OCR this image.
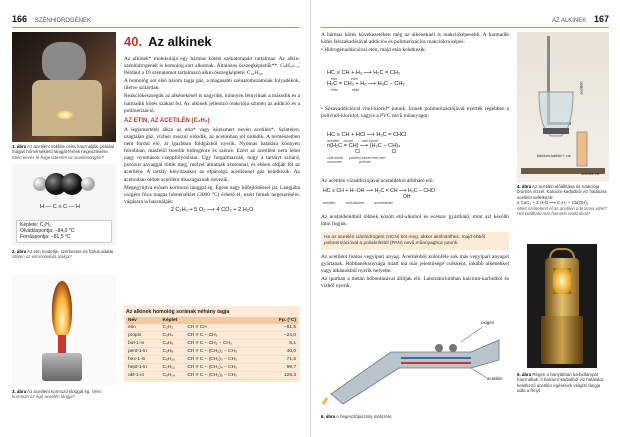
166 SZÉNHIDROGÉNEK
1. ábra Az acetilént sokféle célra használják, például magas hőmérsékletű lángját fémek hegesztésére. Miért kevés fé hegesztésére az acetilénöngén?
H — C ≡ C — H
Képlete: C₂H₂
Olvadáspontja: −84,0 °C
Forráspontja: −81,5 °C
2. ábra Az etin modellje, szerkezete és fizikai adatai. Milyen az etinmolekula alakja?
3. ábra Az acetilént kormozó lánggal ég. Miért kormozó az égő acetilén lángja?
40. Az alkinek

Az alkinek* molekulája egy hármas kötést szénatompárt tartalmaz. Az alkin-szénhidrogének is homológ sort alkotnak. Általános összegképletük**: CₙH₂ₙ₋₂. Például a 10 szénatomot tartalmazó alkin összegképlete: C₁₀H₁₈.

A homológ sor első három tagja gáz, a magasabb szénatomszámúak folyadékok, illetve szilárdak.

Reakciókészségük az alkénekénél is nagyobb, könnyen felnyílnak a második és a harmadik kötés szakad fel. Az alkinek jellemző reakciója szintén az addíció és a polimerizáció.

AZ ETIN, AZ ACETILÉN (C₂H₂)

A legismertebb alkin az etin* vagy közismert nevén acetilén*. Színtelen, szagtalan gáz, vízben rosszul oldódik, az acetonban jól oldódik. A természetben nem fordul elő, ár igazbban földgázból nyerik. Nyomás hatására könnyen felrobban, másfelől bomlik hidrogénre és szénre. Ezért az acetilént nem lehet nagy nyomáson cseppfolyósítani. Úgy forgalmazzák, hogy a tartályt szilárd, porózus anyaggal töltik meg, melyet átitatnak acetonnal, és ebben oldják fel az acetilént. A tartály kinyitásakor az elpárolgó acetilénnel gáz keletkezik. Az acetonban oldott acetilént disszugáznak nevezik.

Megegyújtva erősen kormozó lánggal ég. Égése nagy hőfejlődéssel jár. Lángjába oxigént fúva magas hőmérséklet (3000 °C) érhető el, ezért fémek hegesztésére, vágására is használják:

2 C₂H₂ + 5 O₂ ⟶ 4 CO₂ + 2 H₂O
Az alkinek homológ sorának néhány tagja
Név	Képlet		Fp. (°C)
etin	C₂H₂	CH ≡ CH	−81,5
propin	C₃H₄	CH ≡ C − CH₃	−24,0
but-1-in	C₄H₆	CH ≡ C − CH₂ − CH₃	8,1
pent-1-in	C₅H₈	CH ≡ C − (CH₂)₂ − CH₃	40,0
hex-1-in	C₆H₁₀	CH ≡ C − (CH₂)₃ − CH₃	71,5
hept-1-in	C₇H₁₂	CH ≡ C − (CH₂)₄ − CH₃	99,7
okt-1-in	C₈H₁₄	CH ≡ C − (CH₂)₅ − CH₃	126,3
AZ ALKINEK 167

A hármas kötés kövekezetében még az alkéneknél is reakcióképesebb. A harmadik kötés felszakadásával addíciós és polimerizációs reakciókra képes.

• Hidrogénaddícióval etén, majd etán keletkezik:

HC ≡ CH + H₂ ⟶ H₂C = CH₂
etin              etén
H₂C = CH₂ + H₂ ⟶ H₃C − CH₃
etén              etán

• Sósavaddícióval vinil-klorid* jutunk. Ennek polimerizációjával nyerték régebben a polivinil-kloridot, vagyis a PVC nevű műanyagot:

HC ≡ CH + HCl ⟶ H₂C = CHCl
acetilén    sósav         vinil-klorid
n(H₂C = CH) ⟶ (H₂C − CH)ₙ
Cl                       Cl
vinil-klorid      polivinil-klorid rész lete
monomer                 polimer

Az acetilén vízaddíciójával acetaldehid állítható elő:

HC ≡ CH + H−OH ⟶ H₂C = CH ⟶ H₃C − CHO
OH
acetilén          vinil-alkohol          acetaldehid

Az acetaldehidből többek között etil-alkohol és ecetsav gyártható, mint azt később látni fogjuk.

Ha az acetilén ciánhidrogént (HCN) köt meg, akkor akrilnitrilhez, majd ebből polimerizációval a poliakrilnitril (PAN) nevű műanyaghoz jutunk.

Az acetilént fontos vegyipari anyag. Acetilénből különféle sok más vegyipari anyagot gyártanak. Robbanékonysága miatt ma már jelentősége csökkent, inkább alkénekkel vagy alkánokból nyerik helyette.

Az iparban a metán hőbontásával állítják elő. Laboratóriumban kalcium-karbidból és vízből nyerik.

oxigén
acetilén
6. ábra A hegesztőpisztoly metszete
acetilén
kalcium-karbid + víz
brómos víz
4. ábra Az acetilén előállítása és reakciója brómos vízzel. Kalcium-karbidból víz hatására acetilén keletkezik:
2 CaC₂ + 2 H₂O ⟶ C₂H₂ + Ca(OH)₂
Miért színtelenít el az acetilén a brómos vizet? Hol található már hasonló reakcióval?
5. ábra Régen a bányákban karbidlámpát használtak. A kalcium-karbidból víz hatására keletkező acetilén égésének világító lángja adta a fényt
